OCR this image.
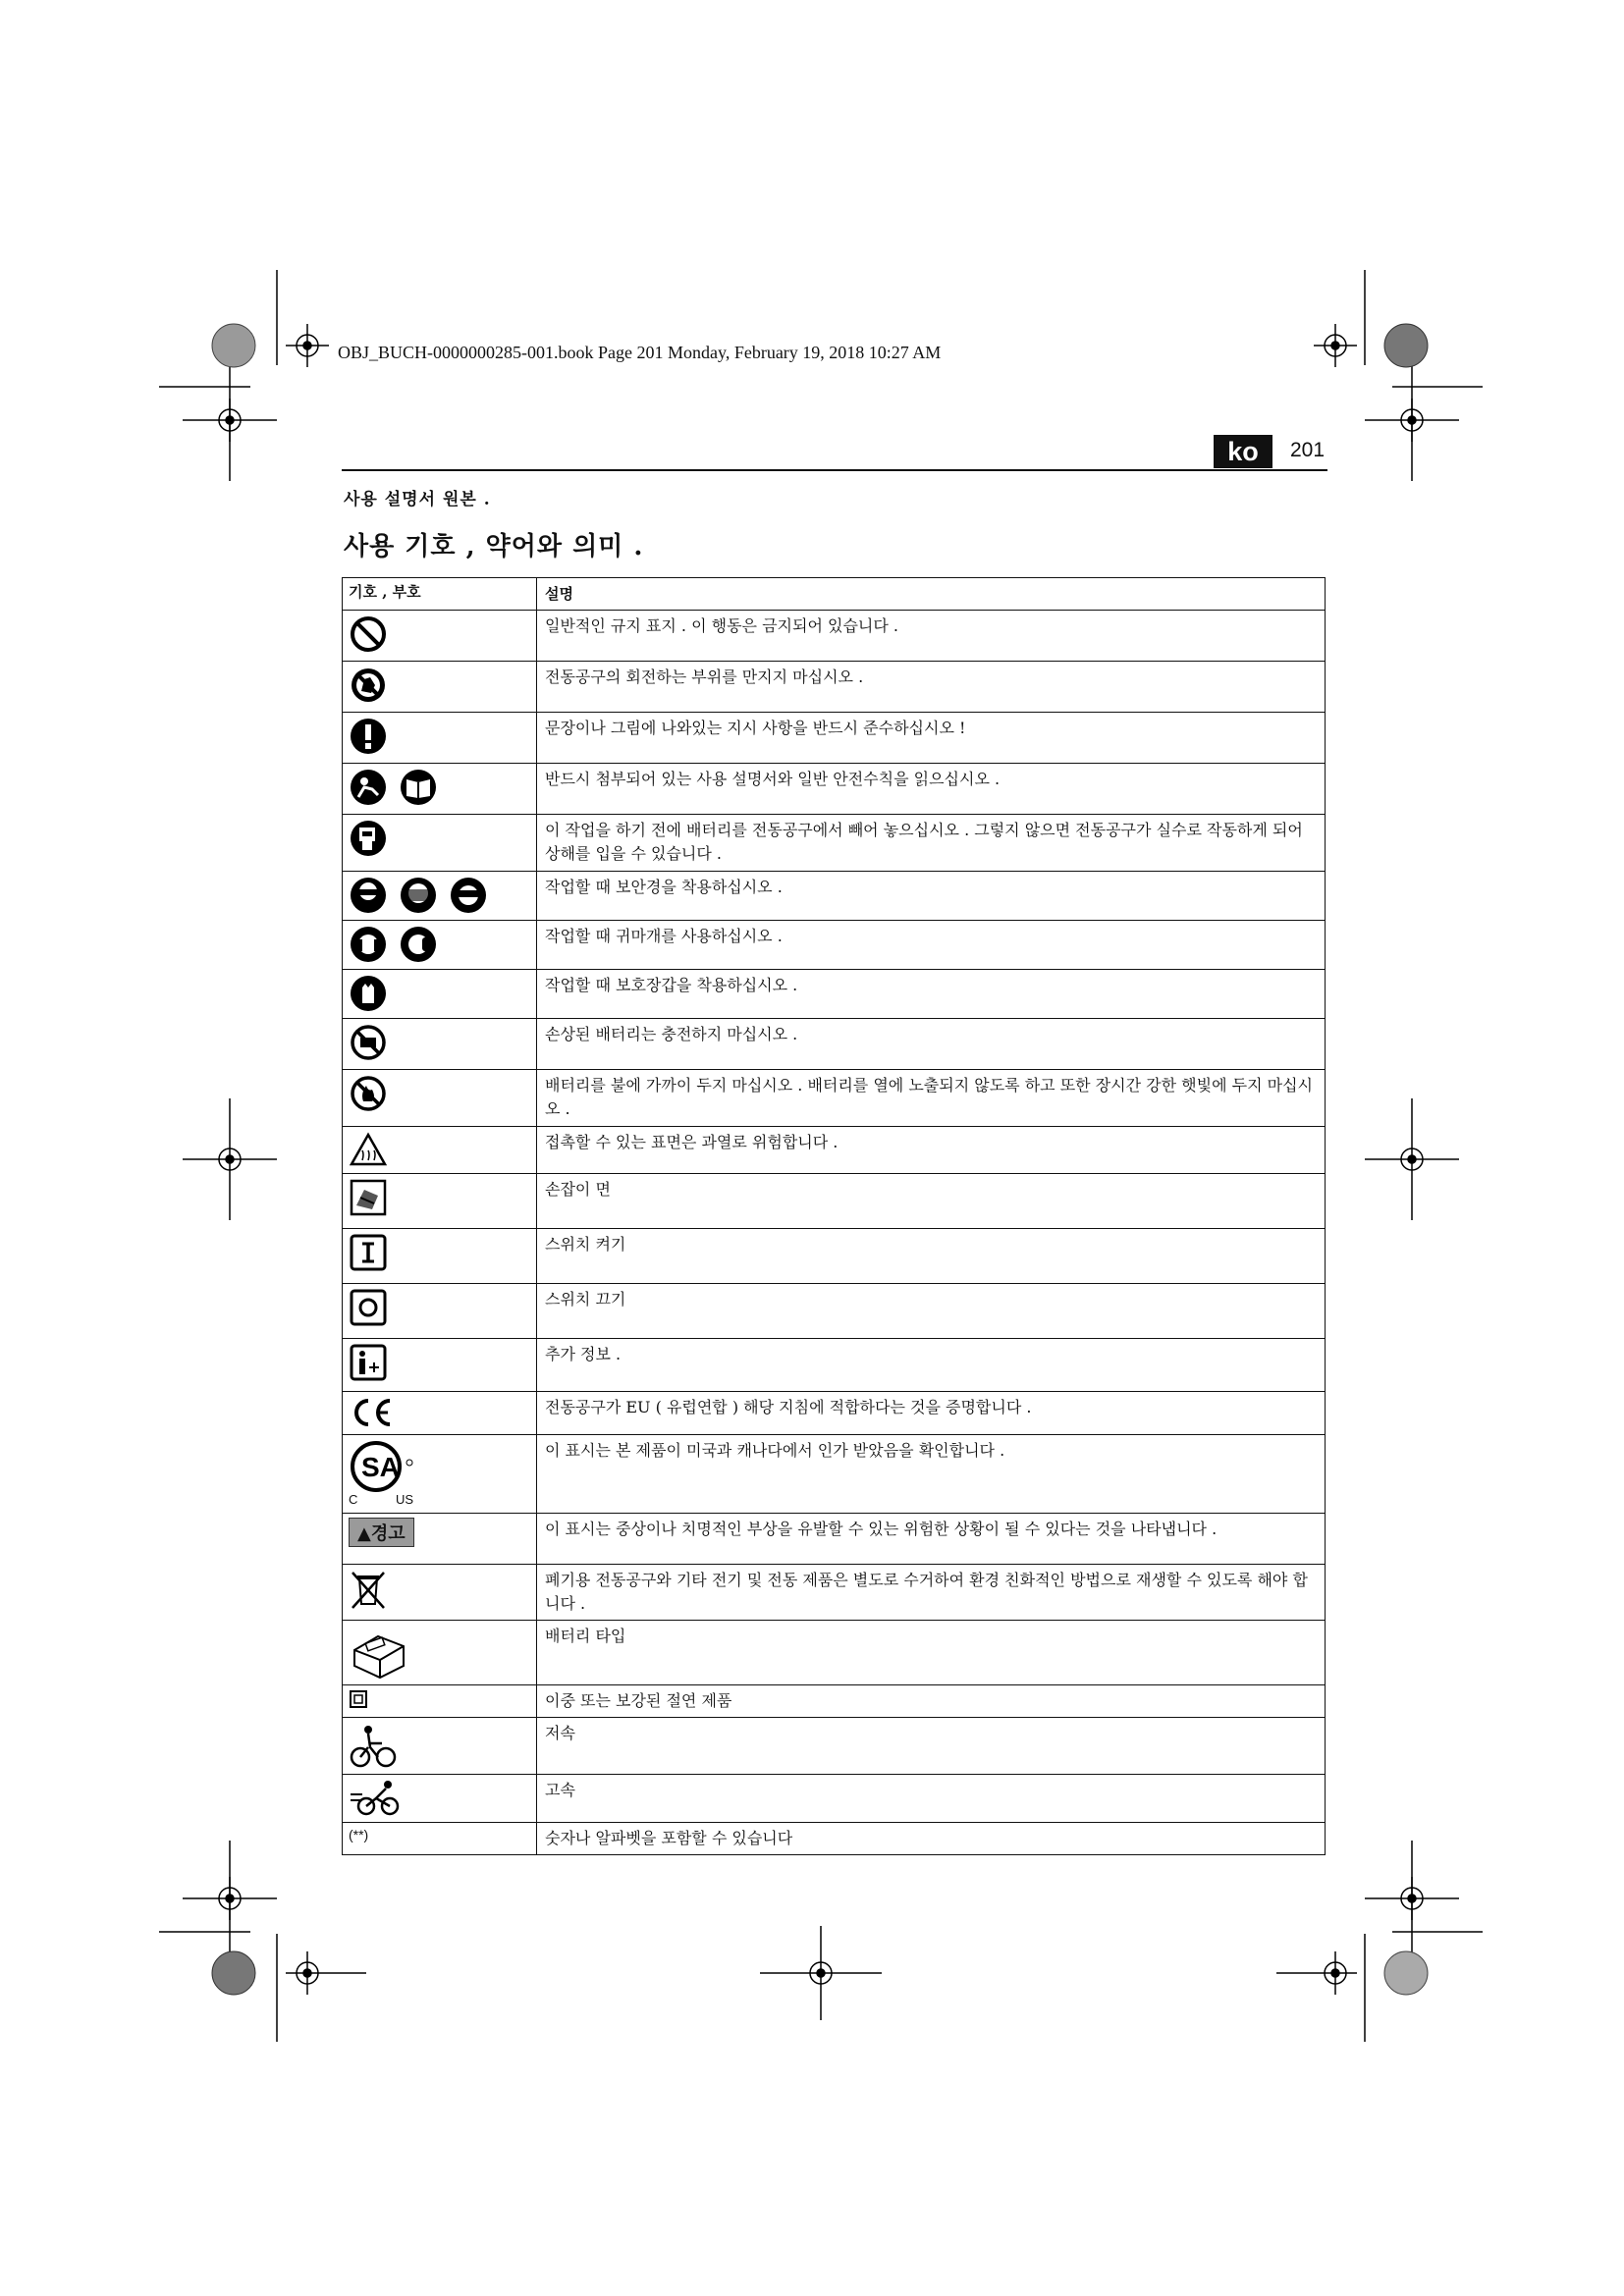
OBJ_BUCH-0000000285-001.book Page 201 Monday, February 19, 2018 10:27 AM
ko	201
사용 설명서 원본 .
사용 기호 , 약어와 의미 .
기호 , 부호	설명
	일반적인 규지 표지 . 이 행동은 금지되어 있습니다 .
	전동공구의 회전하는 부위를 만지지 마십시오 .
	문장이나 그림에 나와있는 지시 사항을 반드시 준수하십시오 !
	반드시 첨부되어 있는 사용 설명서와 일반 안전수칙을 읽으십시오 .
	이 작업을 하기 전에 배터리를 전동공구에서 빼어 놓으십시오 . 그렇지 않으면 전동공구가 실수로 작동하게 되어 상해를 입을 수 있습니다 .
	작업할 때 보안경을 착용하십시오 .
	작업할 때 귀마개를 사용하십시오 .
	작업할 때 보호장갑을 착용하십시오 .
	손상된 배터리는 충전하지 마십시오 .
	배터리를 불에 가까이 두지 마십시오 . 배터리를 열에 노출되지 않도록 하고 또한 장시간 강한 햇빛에 두지 마십시오 .
	접촉할 수 있는 표면은 과열로 위험합니다 .
	손잡이 면
	스위치 켜기
	스위치 끄기
	추가 정보 .
	전동공구가 EU ( 유럽연합 ) 해당 지침에 적합하다는 것을 증명합니다 .

SA
C US	이 표시는 본 제품이 미국과 캐나다에서 인가 받았음을 확인합니다 .
▲경고	이 표시는 중상이나 치명적인 부상을 유발할 수 있는 위험한 상황이 될 수 있다는 것을 나타냅니다 .
	폐기용 전동공구와 기타 전기 및 전동 제품은 별도로 수거하여 환경 친화적인 방법으로 재생할 수 있도록 해야 합니다 .
	배터리 타입
	이중 또는 보강된 절연 제품
	저속
	고속
(**)	숫자나 알파벳을 포함할 수 있습니다
